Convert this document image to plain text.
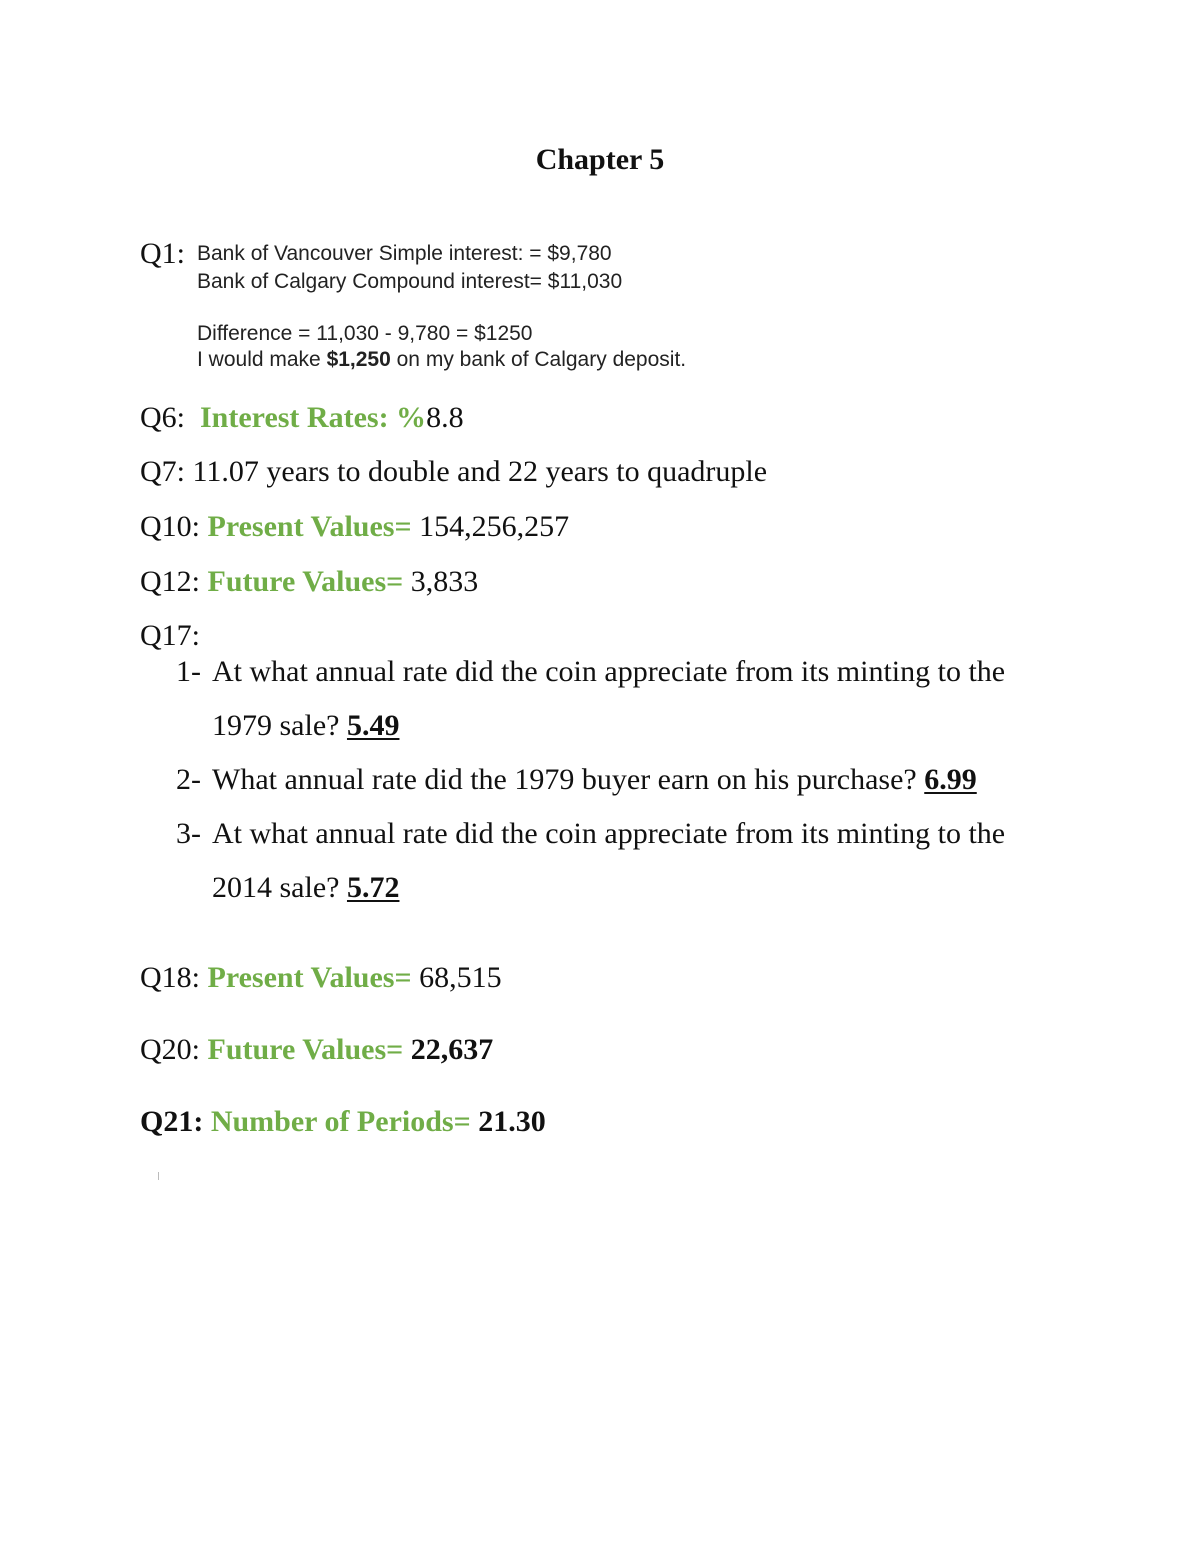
Chapter 5
Q1: Bank of Vancouver Simple interest: = $9,780
Bank of Calgary Compound interest= $11,030
Difference = 11,030 - 9,780 = $1250
I would make $1,250 on my bank of Calgary deposit.
Q6: Interest Rates: %8.8
Q7: 11.07 years to double and 22 years to quadruple
Q10: Present Values= 154,256,257
Q12: Future Values= 3,833
Q17:
1- At what annual rate did the coin appreciate from its minting to the
1979 sale? 5.49
2- What annual rate did the 1979 buyer earn on his purchase? 6.99
3- At what annual rate did the coin appreciate from its minting to the
2014 sale? 5.72
Q18: Present Values= 68,515
Q20: Future Values= 22,637
Q21: Number of Periods= 21.30
